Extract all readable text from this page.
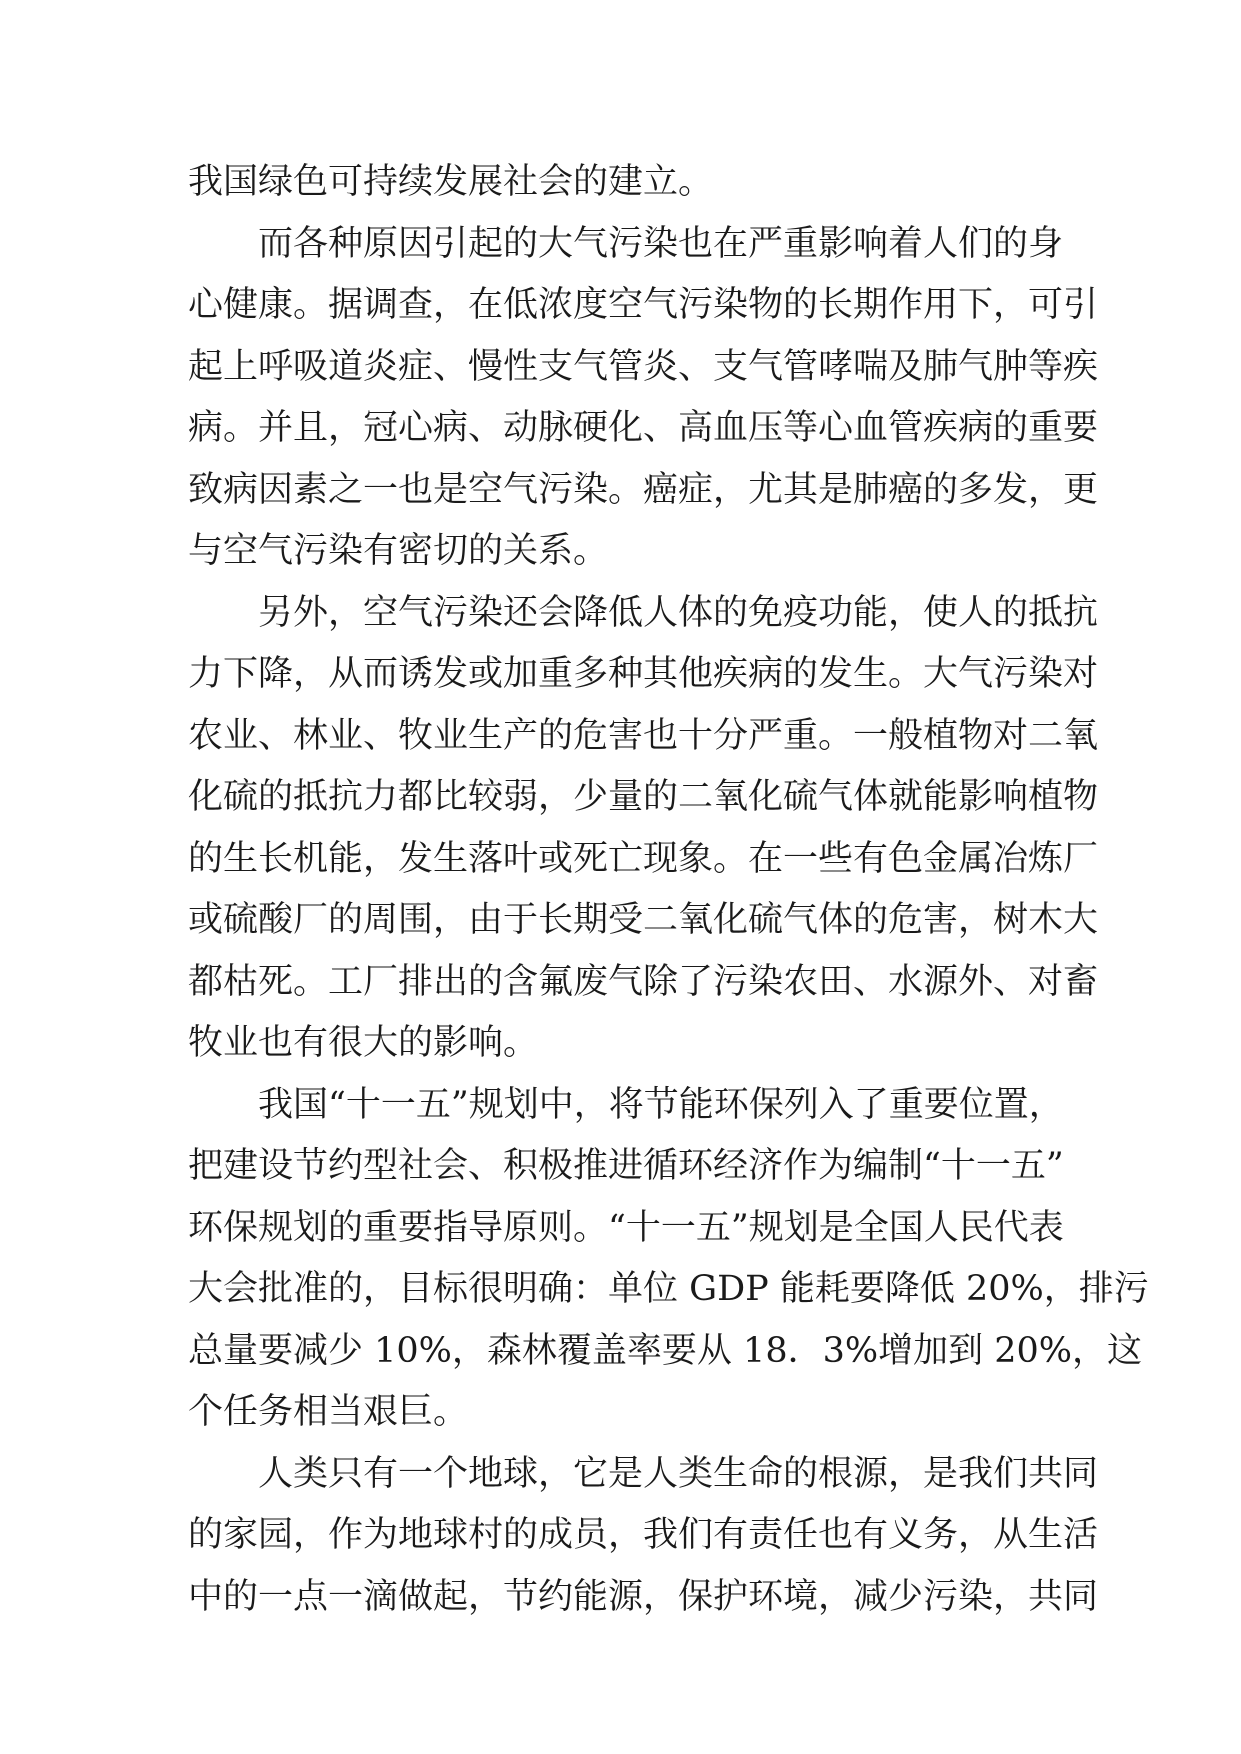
我国绿色可持续发展社会的建立。
而各种原因引起的大气污染也在严重影响着人们的身
心健康。据调查，在低浓度空气污染物的长期作用下，可引
起上呼吸道炎症、慢性支气管炎、支气管哮喘及肺气肿等疾
病。并且，冠心病、动脉硬化、高血压等心血管疾病的重要
致病因素之一也是空气污染。癌症，尤其是肺癌的多发，更
与空气污染有密切的关系。
另外，空气污染还会降低人体的免疫功能，使人的抵抗
力下降，从而诱发或加重多种其他疾病的发生。大气污染对
农业、林业、牧业生产的危害也十分严重。一般植物对二氧
化硫的抵抗力都比较弱，少量的二氧化硫气体就能影响植物
的生长机能，发生落叶或死亡现象。在一些有色金属冶炼厂
或硫酸厂的周围，由于长期受二氧化硫气体的危害，树木大
都枯死。工厂排出的含氟废气除了污染农田、水源外、对畜
牧业也有很大的影响。
我国“十一五”规划中，将节能环保列入了重要位置，
把建设节约型社会、积极推进循环经济作为编制“十一五”
环保规划的重要指导原则。“十一五”规划是全国人民代表
大会批准的，目标很明确：单位 GDP 能耗要降低 20%，排污
总量要减少 10%，森林覆盖率要从 18．3%增加到 20%，这
个任务相当艰巨。
人类只有一个地球，它是人类生命的根源，是我们共同
的家园，作为地球村的成员，我们有责任也有义务，从生活
中的一点一滴做起，节约能源，保护环境，减少污染，共同
